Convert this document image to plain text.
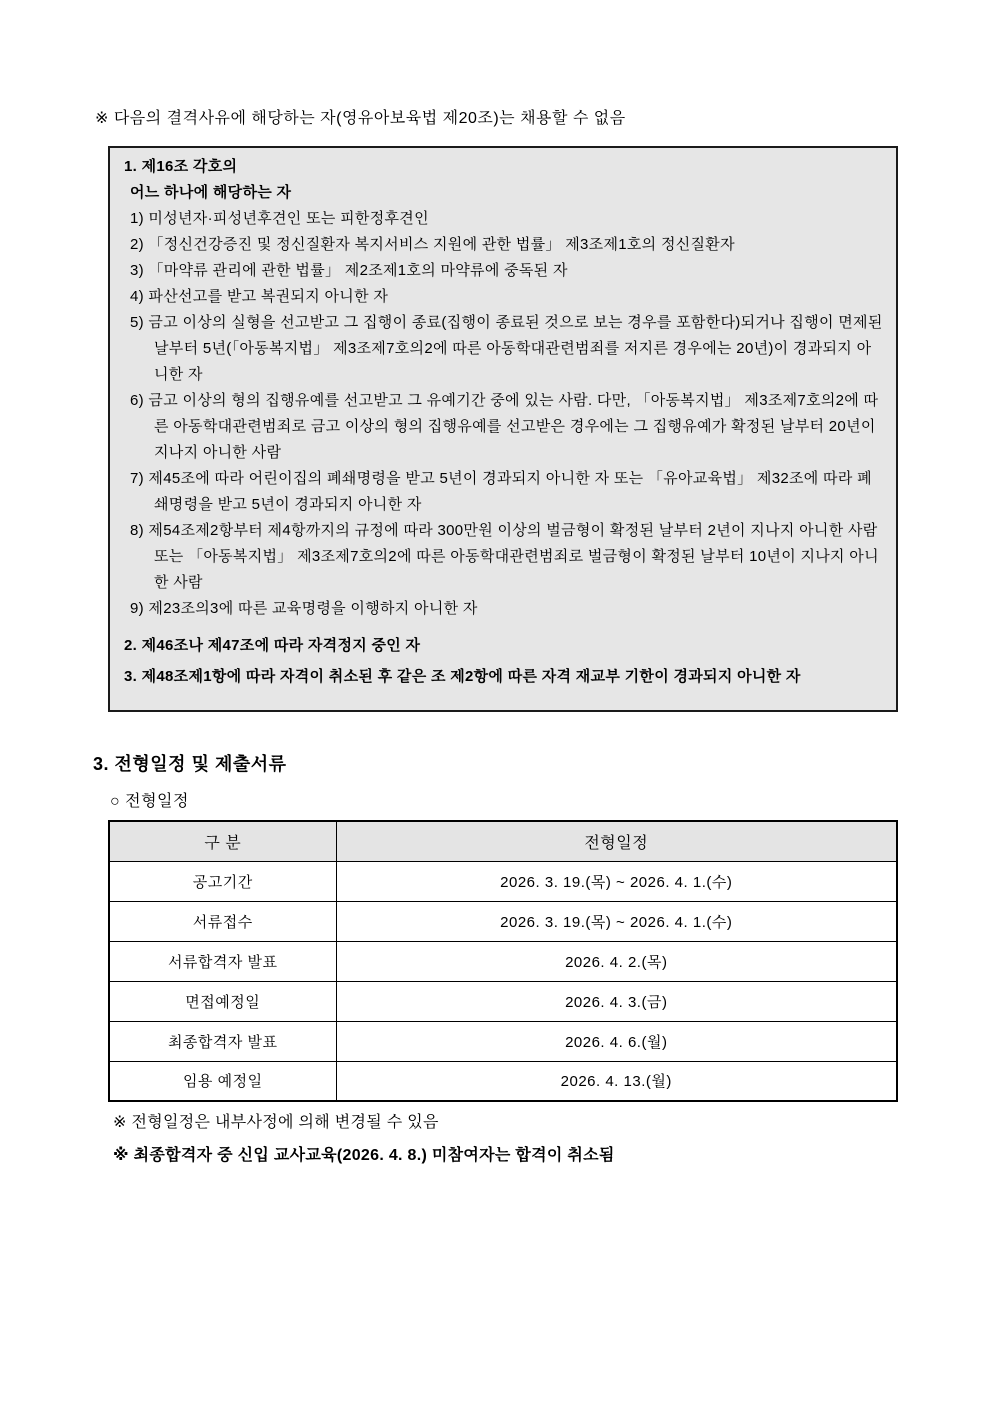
※ 다음의 결격사유에 해당하는 자(영유아보육법 제20조)는 채용할 수 없음
1. 제16조 각호의
어느 하나에 해당하는 자
1) 미성년자·피성년후견인 또는 피한정후견인
2) 「정신건강증진 및 정신질환자 복지서비스 지원에 관한 법률」 제3조제1호의 정신질환자
3) 「마약류 관리에 관한 법률」 제2조제1호의 마약류에 중독된 자
4) 파산선고를 받고 복권되지 아니한 자
5) 금고 이상의 실형을 선고받고 그 집행이 종료(집행이 종료된 것으로 보는 경우를 포함한다)되거나 집행이 면제된 날부터 5년(「아동복지법」 제3조제7호의2에 따른 아동학대관련범죄를 저지른 경우에는 20년)이 경과되지 아니한 자
6) 금고 이상의 형의 집행유예를 선고받고 그 유예기간 중에 있는 사람. 다만, 「아동복지법」 제3조제7호의2에 따른 아동학대관련범죄로 금고 이상의 형의 집행유예를 선고받은 경우에는 그 집행유예가 확정된 날부터 20년이 지나지 아니한 사람
7) 제45조에 따라 어린이집의 폐쇄명령을 받고 5년이 경과되지 아니한 자 또는 「유아교육법」 제32조에 따라 폐쇄명령을 받고 5년이 경과되지 아니한 자
8) 제54조제2항부터 제4항까지의 규정에 따라 300만원 이상의 벌금형이 확정된 날부터 2년이 지나지 아니한 사람 또는 「아동복지법」 제3조제7호의2에 따른 아동학대관련범죄로 벌금형이 확정된 날부터 10년이 지나지 아니한 사람
9) 제23조의3에 따른 교육명령을 이행하지 아니한 자
2. 제46조나 제47조에 따라 자격정지 중인 자
3. 제48조제1항에 따라 자격이 취소된 후 같은 조 제2항에 따른 자격 재교부 기한이 경과되지 아니한 자
3. 전형일정 및 제출서류
○ 전형일정
구 분	전형일정
공고기간	2026. 3. 19.(목) ~ 2026. 4. 1.(수)
서류접수	2026. 3. 19.(목) ~ 2026. 4. 1.(수)
서류합격자 발표	2026. 4. 2.(목)
면접예정일	2026. 4. 3.(금)
최종합격자 발표	2026. 4. 6.(월)
임용 예정일	2026. 4. 13.(월)
※ 전형일정은 내부사정에 의해 변경될 수 있음
※ 최종합격자 중 신입 교사교육(2026. 4. 8.) 미참여자는 합격이 취소됨
